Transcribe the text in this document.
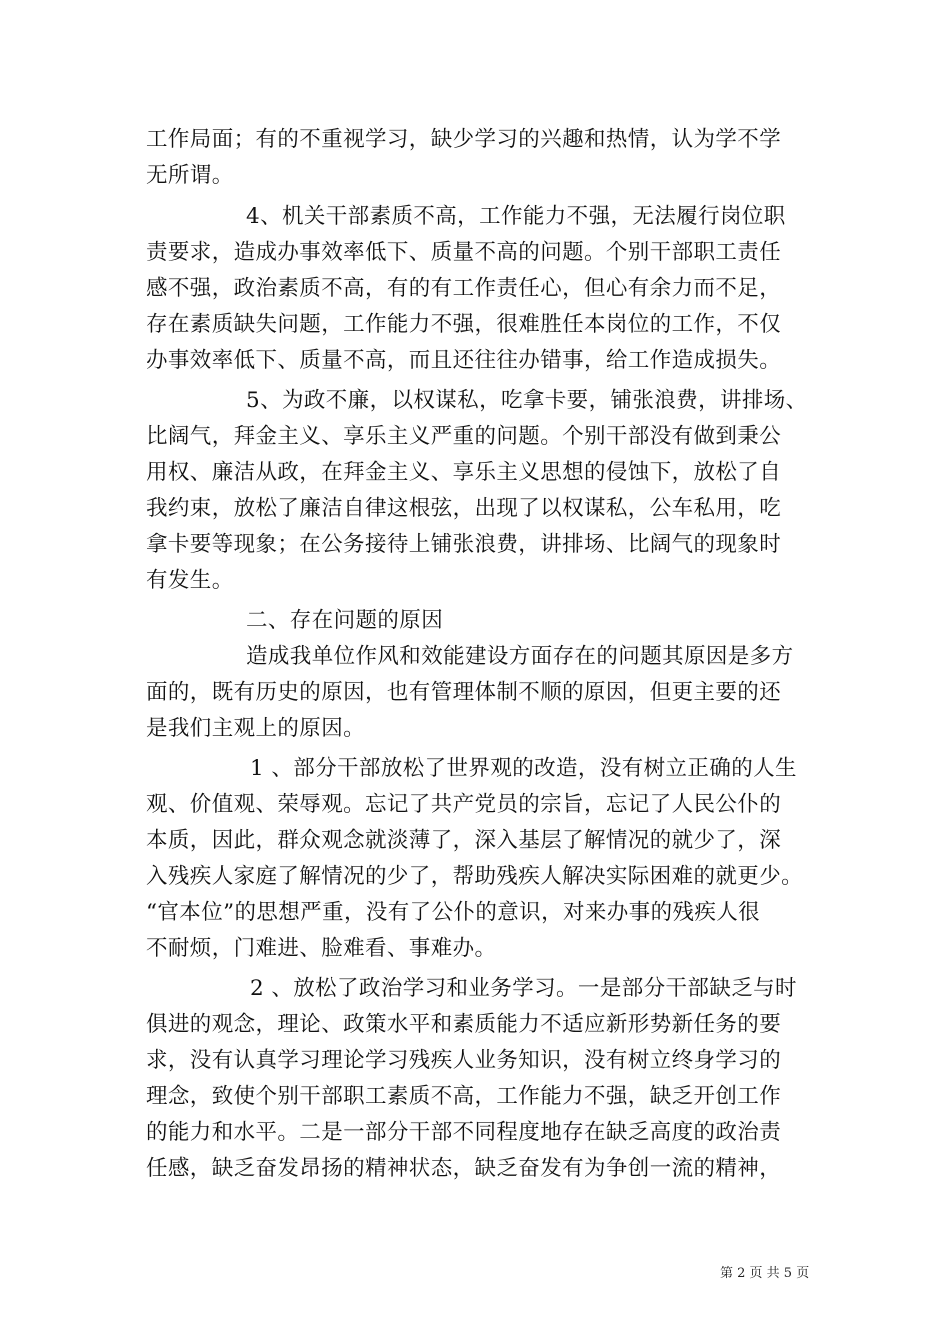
工作局面；有的不重视学习，缺少学习的兴趣和热情，认为学不学
无所谓。
4、机关干部素质不高，工作能力不强，无法履行岗位职
责要求，造成办事效率低下、质量不高的问题。个别干部职工责任
感不强，政治素质不高，有的有工作责任心，但心有余力而不足，
存在素质缺失问题，工作能力不强，很难胜任本岗位的工作，不仅
办事效率低下、质量不高，而且还往往办错事，给工作造成损失。
5、为政不廉，以权谋私，吃拿卡要，铺张浪费，讲排场、
比阔气，拜金主义、享乐主义严重的问题。个别干部没有做到秉公
用权、廉洁从政，在拜金主义、享乐主义思想的侵蚀下，放松了自
我约束，放松了廉洁自律这根弦，出现了以权谋私，公车私用，吃
拿卡要等现象；在公务接待上铺张浪费，讲排场、比阔气的现象时
有发生。
二、存在问题的原因
造成我单位作风和效能建设方面存在的问题其原因是多方
面的，既有历史的原因，也有管理体制不顺的原因，但更主要的还
是我们主观上的原因。
1 、部分干部放松了世界观的改造，没有树立正确的人生
观、价值观、荣辱观。忘记了共产党员的宗旨，忘记了人民公仆的
本质，因此，群众观念就淡薄了，深入基层了解情况的就少了，深
入残疾人家庭了解情况的少了，帮助残疾人解决实际困难的就更少。
“官本位”的思想严重，没有了公仆的意识，对来办事的残疾人很
不耐烦，门难进、脸难看、事难办。
2 、放松了政治学习和业务学习。一是部分干部缺乏与时
俱进的观念，理论、政策水平和素质能力不适应新形势新任务的要
求，没有认真学习理论学习残疾人业务知识，没有树立终身学习的
理念，致使个别干部职工素质不高，工作能力不强，缺乏开创工作
的能力和水平。二是一部分干部不同程度地存在缺乏高度的政治责
任感，缺乏奋发昂扬的精神状态，缺乏奋发有为争创一流的精神，
第 2 页 共 5 页
